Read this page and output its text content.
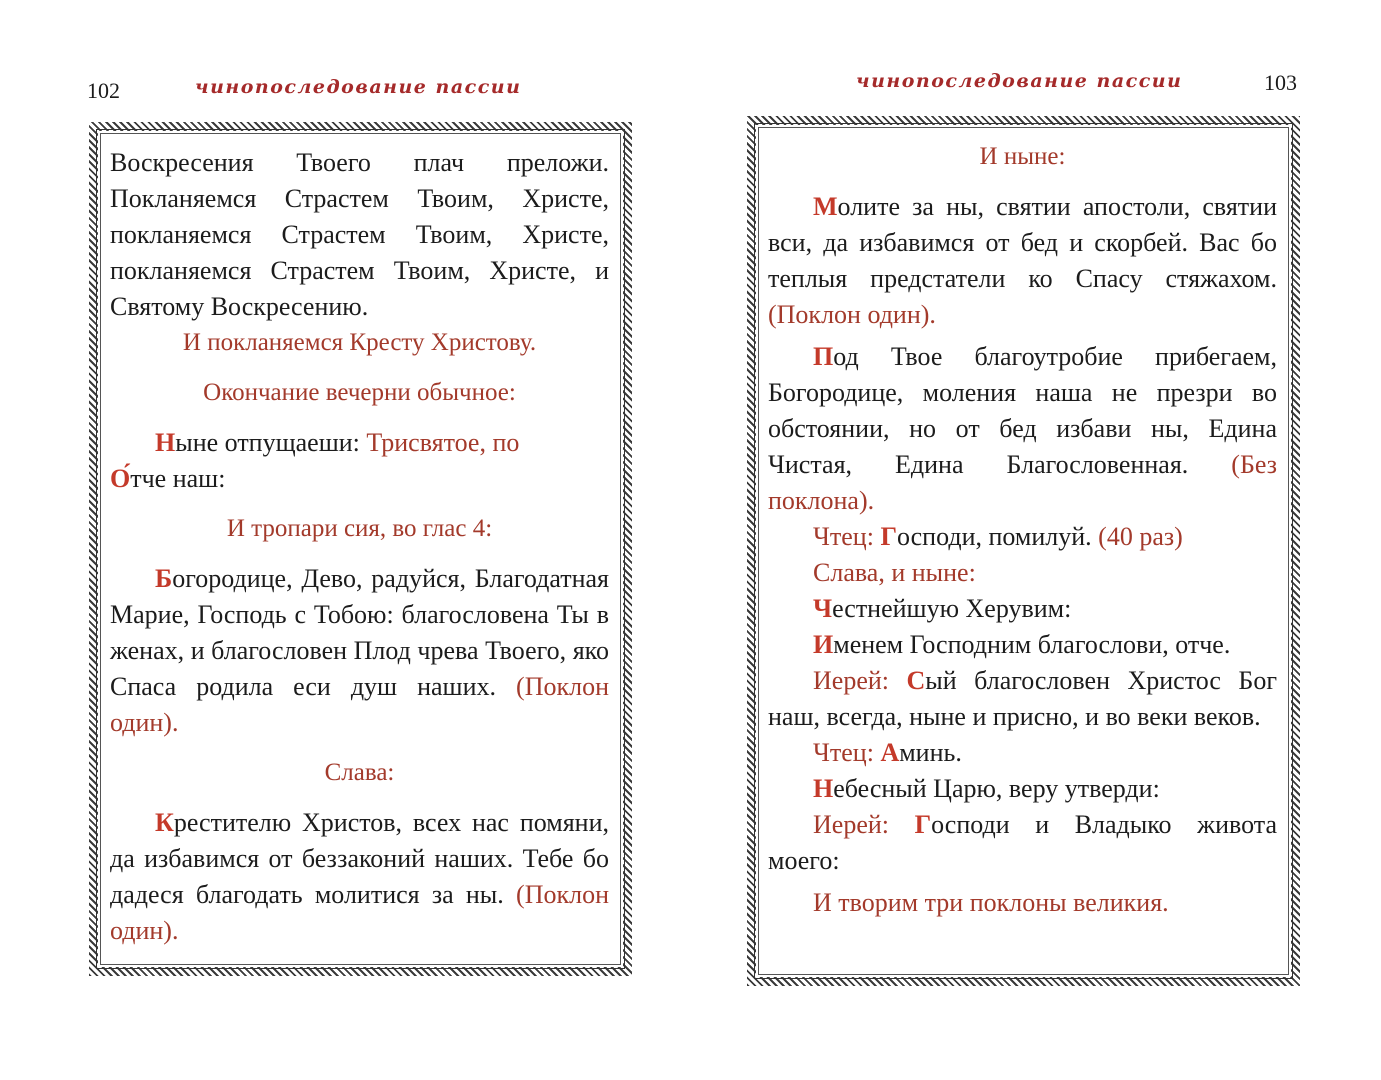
102	чинопоследование пассии

Воскресения Твоего плач преложи. Покланяемся Страстем Твоим, Христе, покланяемся Страстем Твоим, Христе, покланяемся Страстем Твоим, Христе, и Святому Воскресению.

И покланяемся Кресту Христову.

Окончание вечерни обычное:

Ныне отпущаеши: Трисвятое, по

О́тче наш:

И тропари сия, во глас 4:

Богородице, Дево, радуйся, Благодатная Марие, Господь с Тобою: благословена Ты в женах, и благословен Плод чрева Твоего, яко Спаса родила еси душ наших. (Поклон один).

Слава:

Крестителю Христов, всех нас помяни, да избавимся от беззаконий наших. Тебе бо дадеся благодать молитися за ны. (Поклон один).

чинопоследование пассии	103

И ныне:

Молите за ны, святии апостоли, святии вси, да избавимся от бед и скорбей. Вас бо теплыя предстатели ко Спасу стяжахом. (Поклон один).

Под Твое благоутробие прибегаем, Богородице, моления наша не презри во обстоянии, но от бед избави ны, Едина Чистая, Едина Благословенная. (Без поклона).

Чтец: Господи, помилуй. (40 раз)

Слава, и ныне:

Честнейшую Херувим:

Именем Господним благослови, отче.

Иерей: Сый благословен Христос Бог наш, всегда, ныне и присно, и во веки веков.

Чтец: Аминь.

Небесный Царю, веру утверди:

Иерей: Господи и Владыко живота моего:

И творим три поклоны великия.
